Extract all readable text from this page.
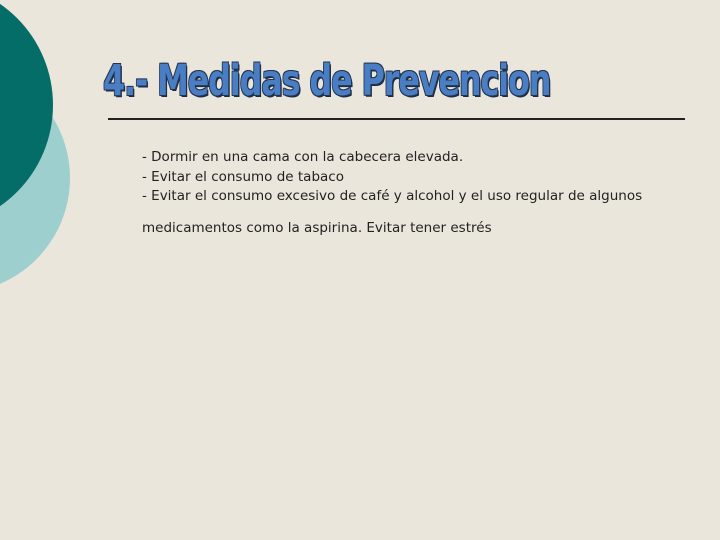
4.- Medidas de Prevencion
- Dormir en una cama con la cabecera elevada.
- Evitar el consumo de tabaco
- Evitar el consumo excesivo de café y alcohol y el uso regular de algunos

medicamentos como la aspirina. Evitar tener estrés
